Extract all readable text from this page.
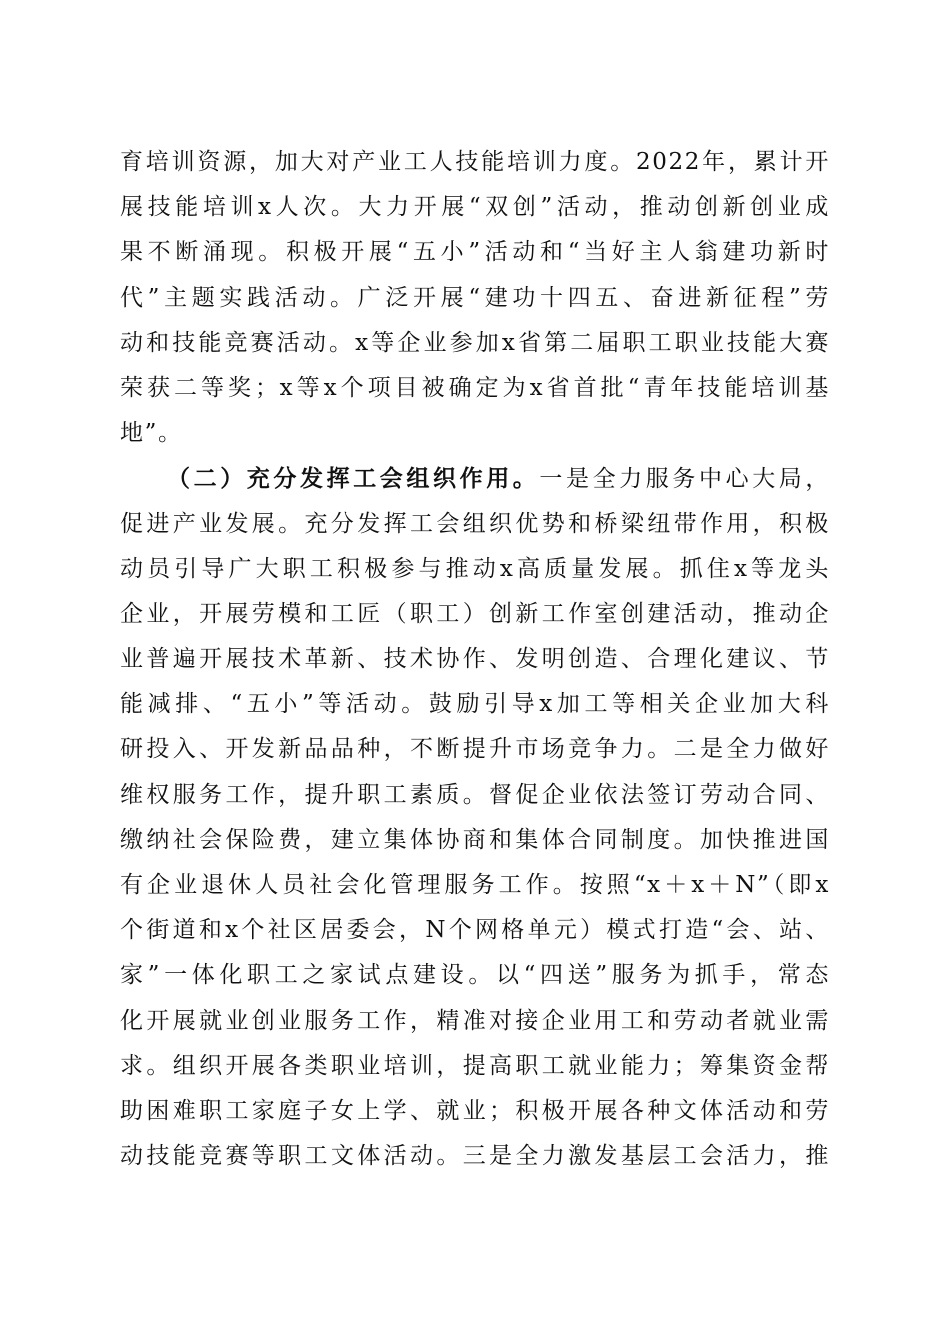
育培训资源，加大对产业工人技能培训力度。2022年，累计开
展技能培训x人次。大力开展“双创”活动，推动创新创业成
果不断涌现。积极开展“五小”活动和“当好主人翁建功新时
代”主题实践活动。广泛开展“建功十四五、奋进新征程”劳
动和技能竞赛活动。x等企业参加x省第二届职工职业技能大赛
荣获二等奖；x等x个项目被确定为x省首批“青年技能培训基
地”。
（二）充分发挥工会组织作用。一是全力服务中心大局，
促进产业发展。充分发挥工会组织优势和桥梁纽带作用，积极
动员引导广大职工积极参与推动x高质量发展。抓住x等龙头
企业，开展劳模和工匠（职工）创新工作室创建活动，推动企
业普遍开展技术革新、技术协作、发明创造、合理化建议、节
能减排、“五小”等活动。鼓励引导x加工等相关企业加大科
研投入、开发新品品种，不断提升市场竞争力。二是全力做好
维权服务工作，提升职工素质。督促企业依法签订劳动合同、
缴纳社会保险费，建立集体协商和集体合同制度。加快推进国
有企业退休人员社会化管理服务工作。按照“x＋x＋N”（即x
个街道和x个社区居委会，N个网格单元）模式打造“会、站、
家”一体化职工之家试点建设。以“四送”服务为抓手，常态
化开展就业创业服务工作，精准对接企业用工和劳动者就业需
求。组织开展各类职业培训，提高职工就业能力；筹集资金帮
助困难职工家庭子女上学、就业；积极开展各种文体活动和劳
动技能竞赛等职工文体活动。三是全力激发基层工会活力，推
